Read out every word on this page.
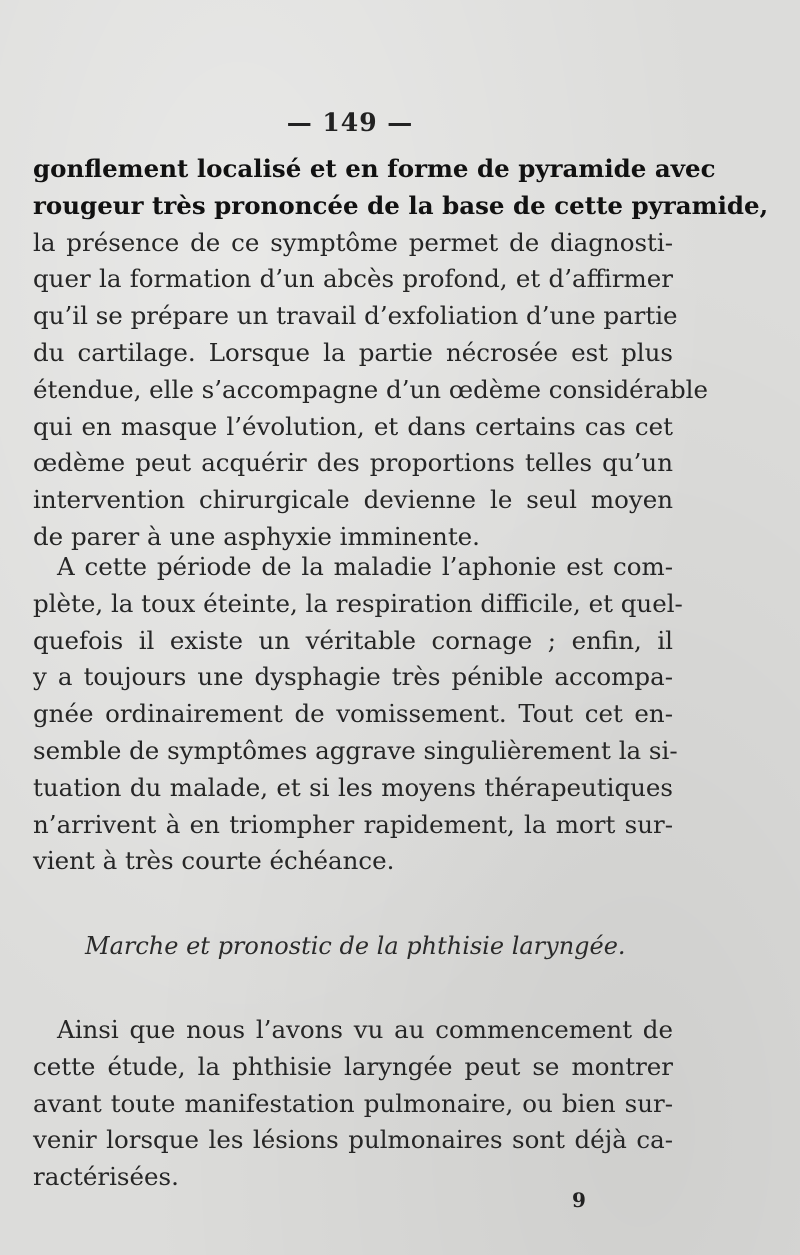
— 149 —
gonflement localisé et en forme de pyramide avec
rougeur très prononcée de la base de cette pyramide,
la présence de ce symptôme permet de diagnosti-
quer la formation d’un abcès profond, et d’affirmer
qu’il se prépare un travail d’exfoliation d’une partie
du cartilage. Lorsque la partie nécrosée est plus
étendue, elle s’accompagne d’un œdème considérable
qui en masque l’évolution, et dans certains cas cet
œdème peut acquérir des proportions telles qu’un
intervention chirurgicale devienne le seul moyen
de parer à une asphyxie imminente.
A cette période de la maladie l’aphonie est com-
plète, la toux éteinte, la respiration difficile, et quel-
quefois il existe un véritable cornage ; enfin, il
y a toujours une dysphagie très pénible accompa-
gnée ordinairement de vomissement. Tout cet en-
semble de symptômes aggrave singulièrement la si-
tuation du malade, et si les moyens thérapeutiques
n’arrivent à en triompher rapidement, la mort sur-
vient à très courte échéance.
Marche et pronostic de la phthisie laryngée.
Ainsi que nous l’avons vu au commencement de
cette étude, la phthisie laryngée peut se montrer
avant toute manifestation pulmonaire, ou bien sur-
venir lorsque les lésions pulmonaires sont déjà ca-
ractérisées.
9
